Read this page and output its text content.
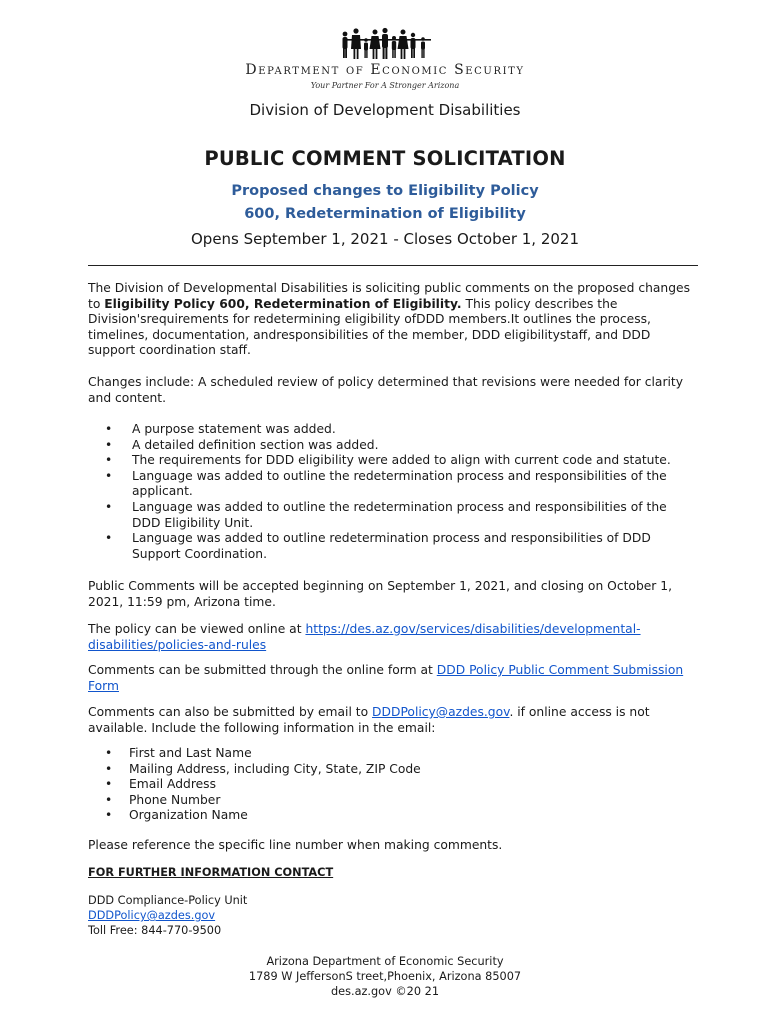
Department of Economic Security
Your Partner For A Stronger Arizona
Division of Development Disabilities
PUBLIC COMMENT SOLICITATION
Proposed changes to Eligibility Policy
600, Redetermination of Eligibility
Opens September 1, 2021 - Closes October 1, 2021
The Division of Developmental Disabilities is soliciting public comments on the proposed changes to Eligibility Policy 600, Redetermination of Eligibility. This policy describes the Division'srequirements for redetermining eligibility ofDDD members.It outlines the process, timelines, documentation, andresponsibilities of the member, DDD eligibilitystaff, and DDD support coordination staff.
Changes include: A scheduled review of policy determined that revisions were needed for clarity and content.
• A purpose statement was added.
• A detailed definition section was added.
• The requirements for DDD eligibility were added to align with current code and statute.
• Language was added to outline the redetermination process and responsibilities of the applicant.
• Language was added to outline the redetermination process and responsibilities of the DDD Eligibility Unit.
• Language was added to outline redetermination process and responsibilities of DDD Support Coordination.
Public Comments will be accepted beginning on September 1, 2021, and closing on October 1, 2021, 11:59 pm, Arizona time.
The policy can be viewed online at https://des.az.gov/services/disabilities/developmental-disabilities/policies-and-rules
Comments can be submitted through the online form at DDD Policy Public Comment Submission Form
Comments can also be submitted by email to DDDPolicy@azdes.gov. if online access is not available. Include the following information in the email:
• First and Last Name
• Mailing Address, including City, State, ZIP Code
• Email Address
• Phone Number
• Organization Name
Please reference the specific line number when making comments.
FOR FURTHER INFORMATION CONTACT
DDD Compliance-Policy Unit
DDDPolicy@azdes.gov
Toll Free: 844-770-9500
Arizona Department of Economic Security
1789 W JeffersonS treet,Phoenix, Arizona 85007
des.az.gov ©20 21
